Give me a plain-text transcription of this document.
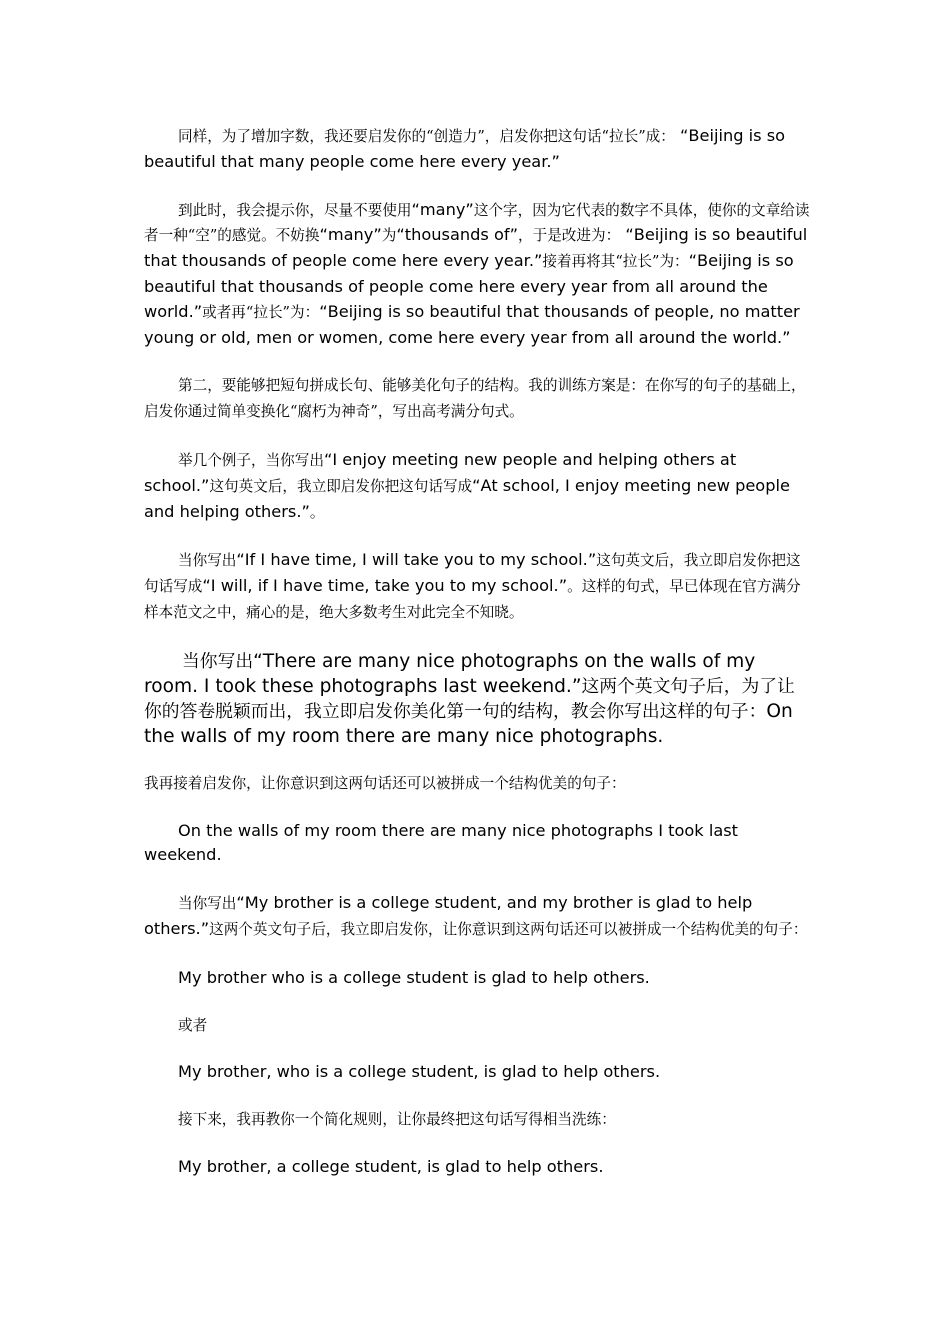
同样，为了增加字数，我还要启发你的“创造力”，启发你把这句话“拉长”成： “Beijing is so beautiful that many people come here every year.”

到此时，我会提示你，尽量不要使用“many”这个字，因为它代表的数字不具体，使你的文章给读者一种“空”的感觉。不妨换“many”为“thousands of”，于是改进为： “Beijing is so beautiful that thousands of people come here every year.”接着再将其“拉长”为：“Beijing is so beautiful that thousands of people come here every year from all around the world.”或者再“拉长”为：“Beijing is so beautiful that thousands of people, no matter young or old, men or women, come here every year from all around the world.”

第二，要能够把短句拼成长句、能够美化句子的结构。我的训练方案是：在你写的句子的基础上，启发你通过简单变换化“腐朽为神奇”，写出高考满分句式。

举几个例子，当你写出“I enjoy meeting new people and helping others at school.”这句英文后，我立即启发你把这句话写成“At school, I enjoy meeting new people and helping others.”。

当你写出“If I have time, I will take you to my school.”这句英文后，我立即启发你把这句话写成“I will, if I have time, take you to my school.”。这样的句式，早已体现在官方满分样本范文之中，痛心的是，绝大多数考生对此完全不知晓。

当你写出“There are many nice photographs on the walls of my room. I took these photographs last weekend.”这两个英文句子后，为了让你的答卷脱颖而出，我立即启发你美化第一句的结构，教会你写出这样的句子：On the walls of my room there are many nice photographs.

我再接着启发你，让你意识到这两句话还可以被拼成一个结构优美的句子：

On the walls of my room there are many nice photographs I took last weekend.

当你写出“My brother is a college student, and my brother is glad to help others.”这两个英文句子后，我立即启发你，让你意识到这两句话还可以被拼成一个结构优美的句子：

My brother who is a college student is glad to help others.

或者

My brother, who is a college student, is glad to help others.

接下来，我再教你一个简化规则，让你最终把这句话写得相当洗练：

My brother, a college student, is glad to help others.
